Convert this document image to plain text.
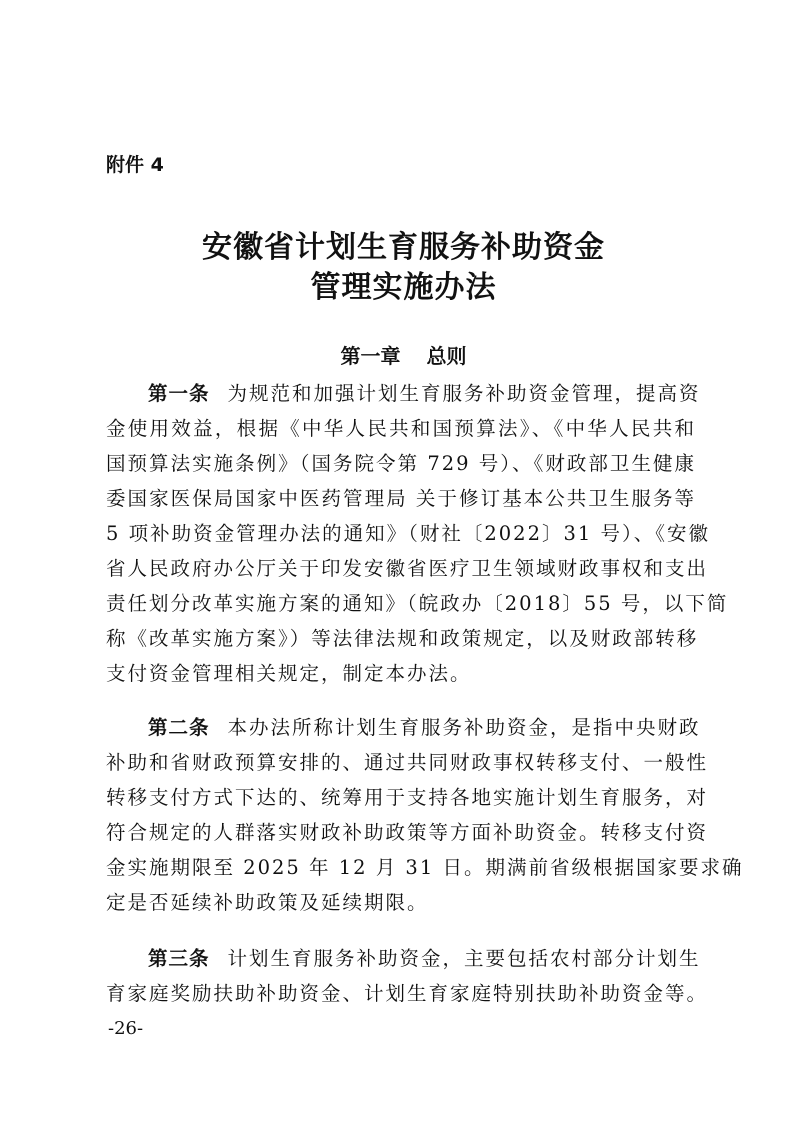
附件 4
安徽省计划生育服务补助资金
管理实施办法
第一章 总则
第一条 为规范和加强计划生育服务补助资金管理，提高资
金使用效益，根据《中华人民共和国预算法》、《中华人民共和
国预算法实施条例》（国务院令第 729 号）、《财政部卫生健康
委国家医保局国家中医药管理局 关于修订基本公共卫生服务等
5 项补助资金管理办法的通知》（财社〔2022〕31 号）、《安徽
省人民政府办公厅关于印发安徽省医疗卫生领域财政事权和支出
责任划分改革实施方案的通知》（皖政办〔2018〕55 号，以下简
称《改革实施方案》）等法律法规和政策规定，以及财政部转移
支付资金管理相关规定，制定本办法。
第二条 本办法所称计划生育服务补助资金，是指中央财政
补助和省财政预算安排的、通过共同财政事权转移支付、一般性
转移支付方式下达的、统筹用于支持各地实施计划生育服务，对
符合规定的人群落实财政补助政策等方面补助资金。转移支付资
金实施期限至 2025 年 12 月 31 日。期满前省级根据国家要求确
定是否延续补助政策及延续期限。
第三条 计划生育服务补助资金，主要包括农村部分计划生
育家庭奖励扶助补助资金、计划生育家庭特别扶助补助资金等。
-26-
